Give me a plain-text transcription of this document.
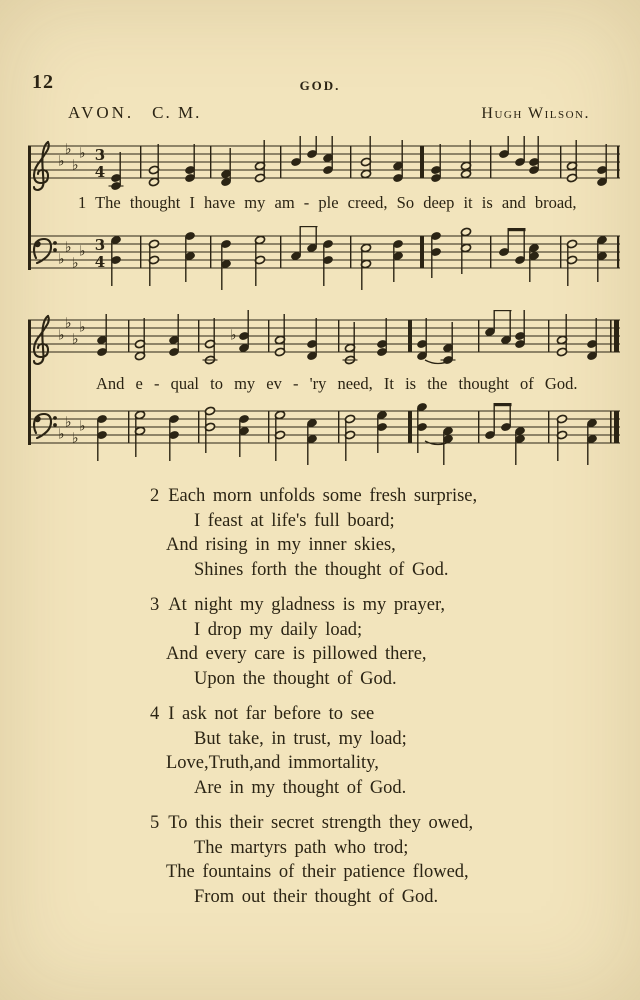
12	GOD.
AVON. C. M.	Hugh Wilson.
♭
♭
♭
♭ 3
4
1 The thought I have my am - ple creed, So deep it is and broad,
♭
♭
♭
♭ 3
4
♭
♭
♭
♭	♭
And e - qual to my ev - 'ry need, It is the thought of God.
♭
♭
♭
♭
2 Each morn unfolds some fresh surprise,
I feast at life's full board;
And rising in my inner skies,
Shines forth the thought of God.
3 At night my gladness is my prayer,
I drop my daily load;
And every care is pillowed there,
Upon the thought of God.
4 I ask not far before to see
But take, in trust, my load;
Love,Truth,and immortality,
Are in my thought of God.
5 To this their secret strength they owed,
The martyrs path who trod;
The fountains of their patience flowed,
From out their thought of God.
